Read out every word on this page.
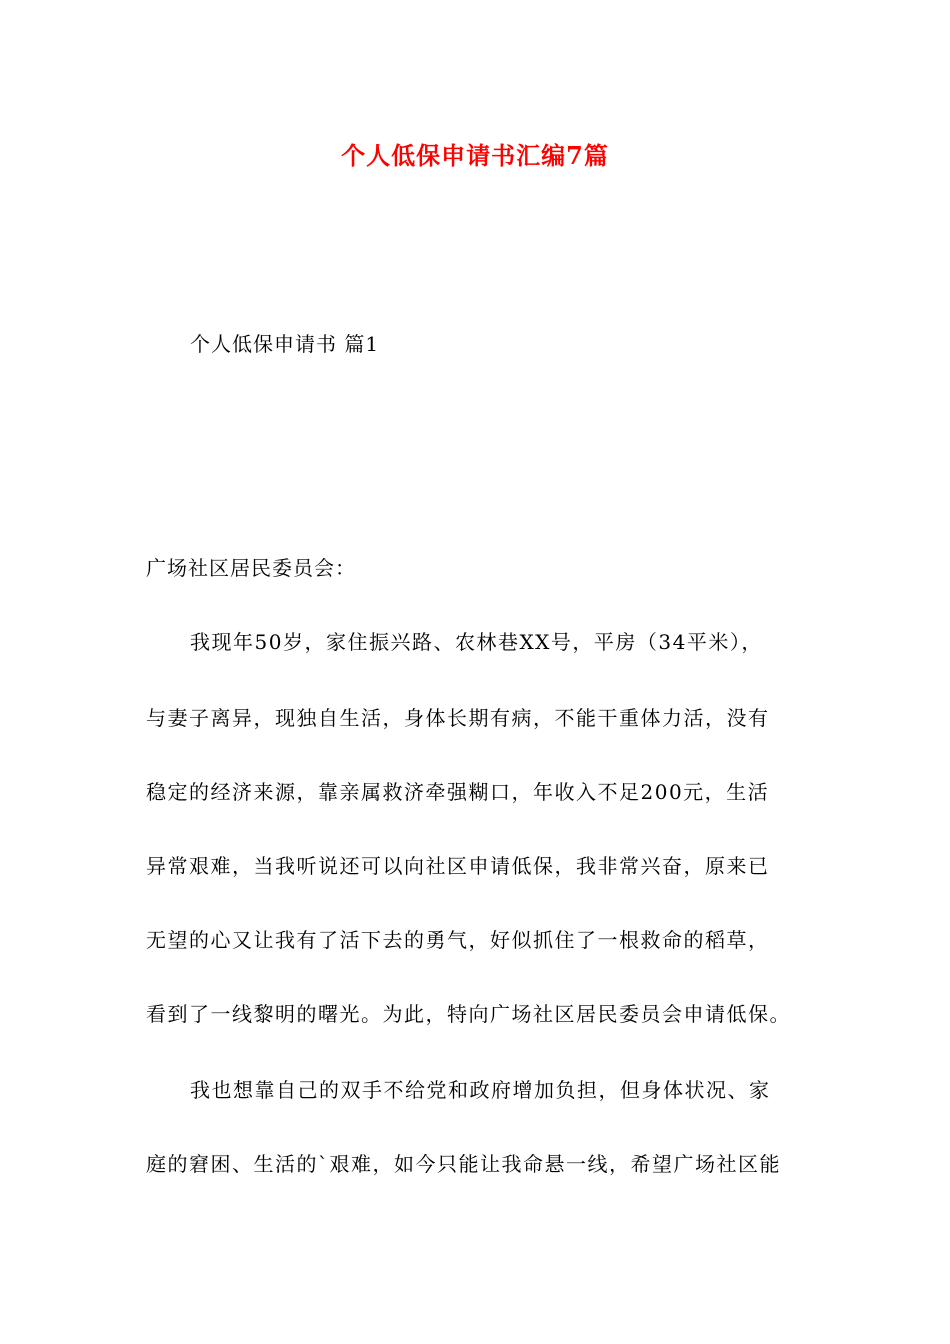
个人低保申请书汇编7篇
个人低保申请书 篇1
广场社区居民委员会：
我现年50岁，家住振兴路、农林巷XX号，平房（34平米），
与妻子离异，现独自生活，身体长期有病，不能干重体力活，没有
稳定的经济来源，靠亲属救济牵强糊口，年收入不足200元，生活
异常艰难，当我听说还可以向社区申请低保，我非常兴奋，原来已
无望的心又让我有了活下去的勇气，好似抓住了一根救命的稻草，
看到了一线黎明的曙光。为此，特向广场社区居民委员会申请低保。
我也想靠自己的双手不给党和政府增加负担，但身体状况、家
庭的窘困、生活的`艰难，如今只能让我命悬一线，希望广场社区能
